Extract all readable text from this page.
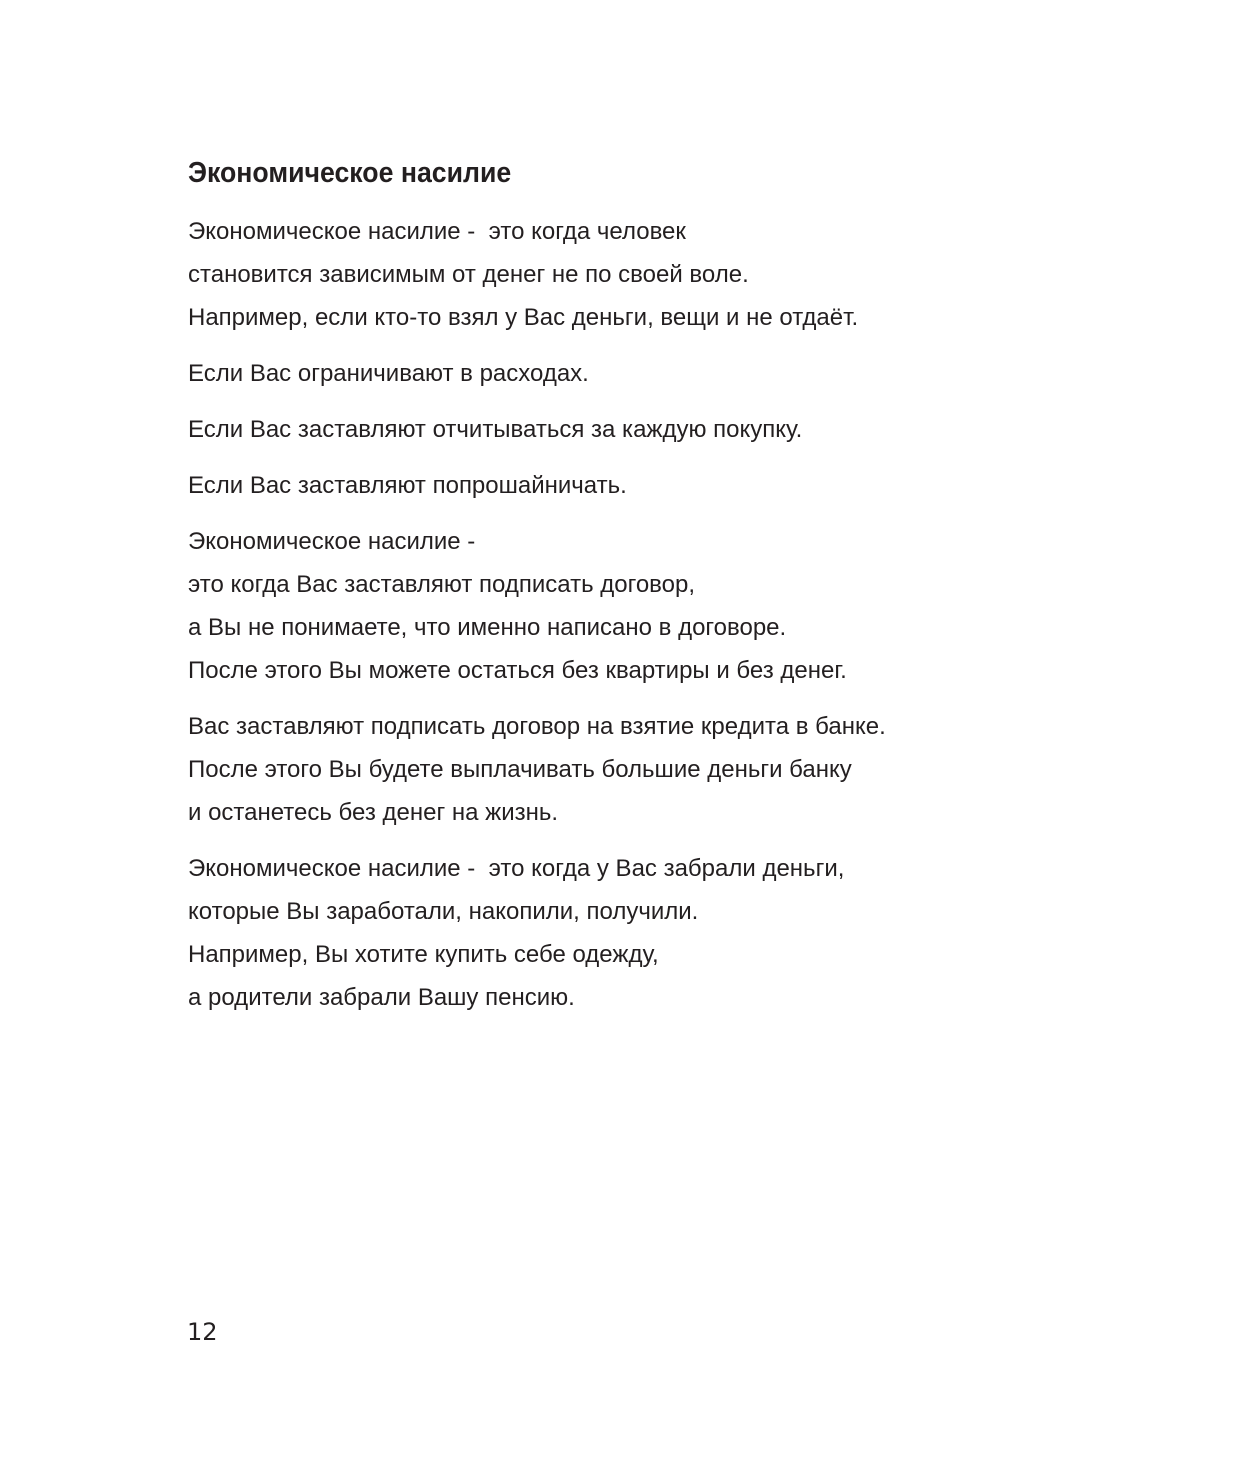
Экономическое насилие
Экономическое насилие -  это когда человек
становится зависимым от денег не по своей воле.
Например, если кто-то взял у Вас деньги, вещи и не отдаёт.
Если Вас ограничивают в расходах.
Если Вас заставляют отчитываться за каждую покупку.
Если Вас заставляют попрошайничать.
Экономическое насилие -
это когда Вас заставляют подписать договор,
а Вы не понимаете, что именно написано в договоре.
После этого Вы можете остаться без квартиры и без денег.
Вас заставляют подписать договор на взятие кредита в банке.
После этого Вы будете выплачивать большие деньги банку
и останетесь без денег на жизнь.
Экономическое насилие -  это когда у Вас забрали деньги,
которые Вы заработали, накопили, получили.
Например, Вы хотите купить себе одежду,
а родители забрали Вашу пенсию.
12
